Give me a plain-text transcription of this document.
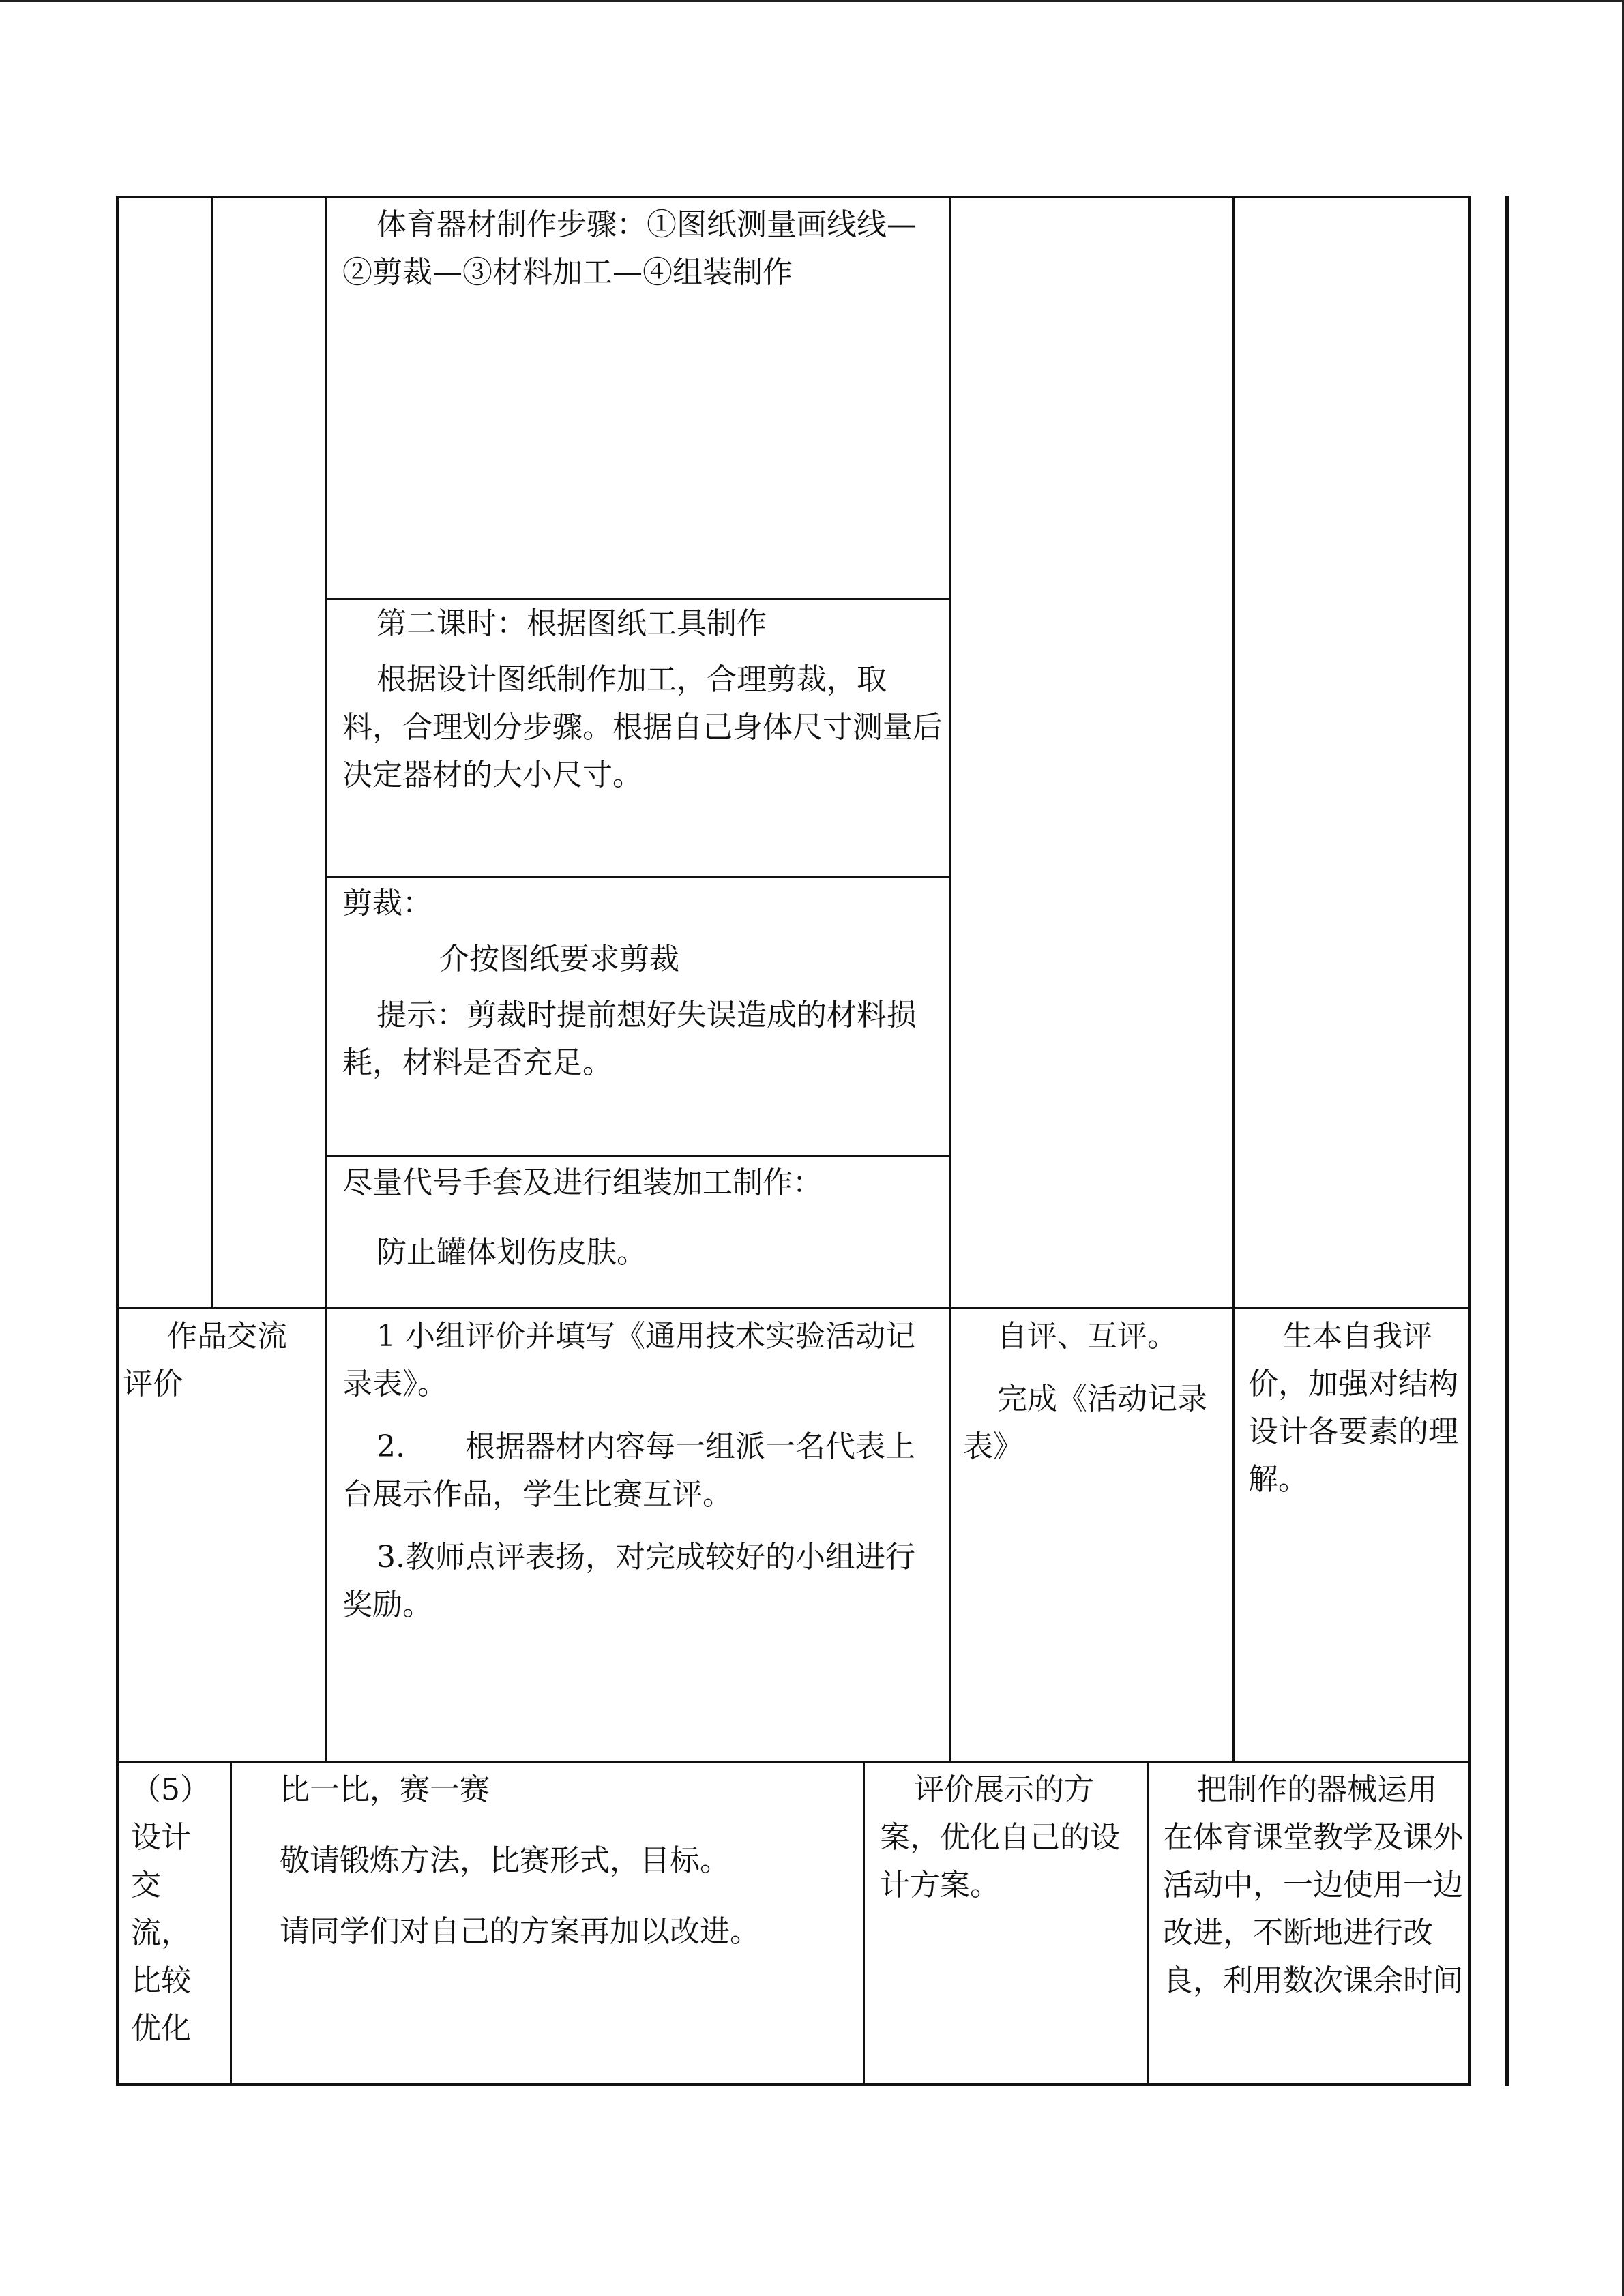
体育器材制作步骤：①图纸测量画线线—②剪裁—③材料加工—④组装制作

第二课时：根据图纸工具制作

根据设计图纸制作加工，合理剪裁，取料，合理划分步骤。根据自己身体尺寸测量后决定器材的大小尺寸。

剪裁：

介按图纸要求剪裁

提示：剪裁时提前想好失误造成的材料损耗，材料是否充足。

尽量代号手套及进行组装加工制作：

防止罐体划伤皮肤。

作品交流评价

1 小组评价并填写《通用技术实验活动记录表》。

2.　　根据器材内容每一组派一名代表上台展示作品，学生比赛互评。

3.教师点评表扬，对完成较好的小组进行奖励。

自评、互评。

完成《活动记录表》

生本自我评价，加强对结构设计各要素的理解。

（5）

设计

交

流，

比较

优化

比一比，赛一赛

敬请锻炼方法，比赛形式，目标。

请同学们对自己的方案再加以改进。

评价展示的方案，优化自己的设计方案。

把制作的器械运用在体育课堂教学及课外活动中，一边使用一边改进，不断地进行改良，利用数次课余时间
